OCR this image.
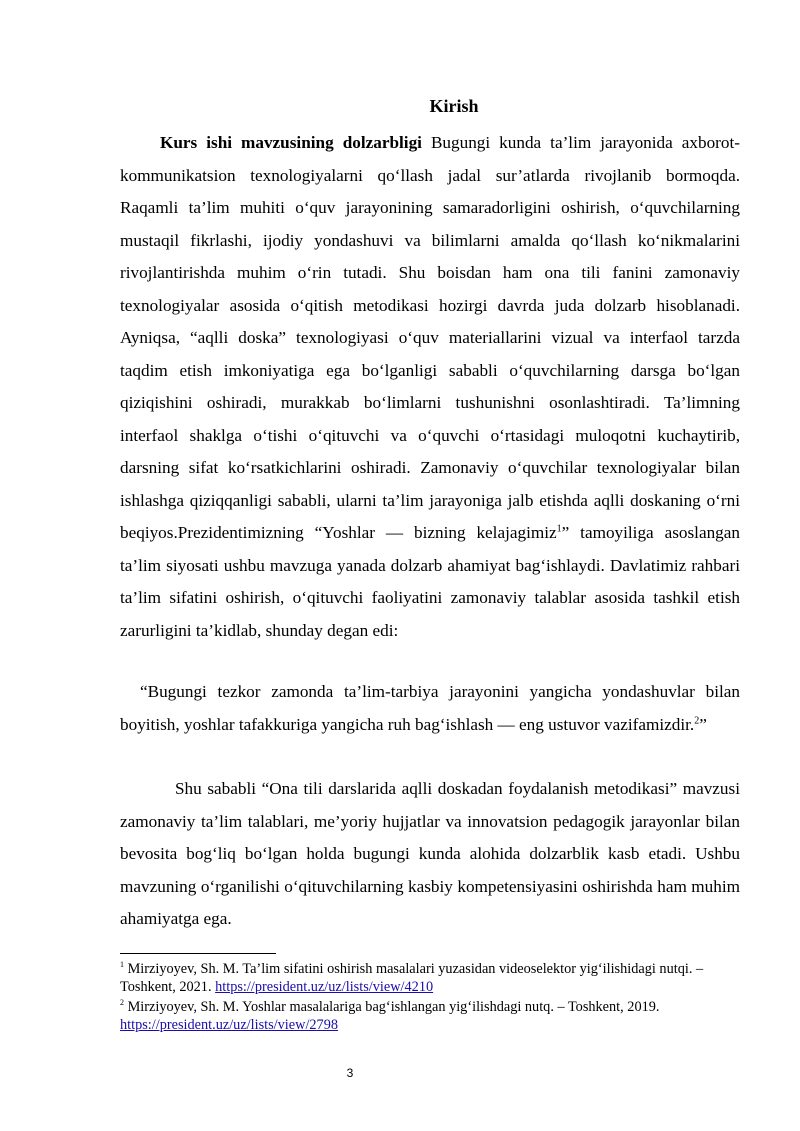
Kirish

Kurs ishi mavzusining dolzarbligi Bugungi kunda ta’lim jarayonida axborot-kommunikatsion texnologiyalarni qo‘llash jadal sur’atlarda rivojlanib bormoqda. Raqamli ta’lim muhiti o‘quv jarayonining samaradorligini oshirish, o‘quvchilarning mustaqil fikrlashi, ijodiy yondashuvi va bilimlarni amalda qo‘llash ko‘nikmalarini rivojlantirishda muhim o‘rin tutadi. Shu boisdan ham ona tili fanini zamonaviy texnologiyalar asosida o‘qitish metodikasi hozirgi davrda juda dolzarb hisoblanadi. Ayniqsa, “aqlli doska” texnologiyasi o‘quv materiallarini vizual va interfaol tarzda taqdim etish imkoniyatiga ega bo‘lganligi sababli o‘quvchilarning darsga bo‘lgan qiziqishini oshiradi, murakkab bo‘limlarni tushunishni osonlashtiradi. Ta’limning interfaol shaklga o‘tishi o‘qituvchi va o‘quvchi o‘rtasidagi muloqotni kuchaytirib, darsning sifat ko‘rsatkichlarini oshiradi. Zamonaviy o‘quvchilar texnologiyalar bilan ishlashga qiziqqanligi sababli, ularni ta’lim jarayoniga jalb etishda aqlli doskaning o‘rni beqiyos.Prezidentimizning “Yoshlar — bizning kelajagimiz$^1$” tamoyiliga asoslangan ta’lim siyosati ushbu mavzuga yanada dolzarb ahamiyat bag‘ishlaydi. Davlatimiz rahbari ta’lim sifatini oshirish, o‘qituvchi faoliyatini zamonaviy talablar asosida tashkil etish zarurligini ta’kidlab, shunday degan edi:

“Bugungi tezkor zamonda ta’lim-tarbiya jarayonini yangicha yondashuvlar bilan boyitish, yoshlar tafakkuriga yangicha ruh bag‘ishlash — eng ustuvor vazifamizdir.$^2$”

Shu sababli “Ona tili darslarida aqlli doskadan foydalanish metodikasi” mavzusi zamonaviy ta’lim talablari, me’yoriy hujjatlar va innovatsion pedagogik jarayonlar bilan bevosita bog‘liq bo‘lgan holda bugungi kunda alohida dolzarblik kasb etadi. Ushbu mavzuning o‘rganilishi o‘qituvchilarning kasbiy kompetensiyasini oshirishda ham muhim ahamiyatga ega.

$^1$ Mirziyoyev, Sh. M. Ta’lim sifatini oshirish masalalari yuzasidan videoselektor yig‘ilishidagi nutqi. – Toshkent, 2021. https://president.uz/uz/lists/view/4210
$^2$ Mirziyoyev, Sh. M. Yoshlar masalalariga bag‘ishlangan yig‘ilishdagi nutq. – Toshkent, 2019. https://president.uz/uz/lists/view/2798
3
